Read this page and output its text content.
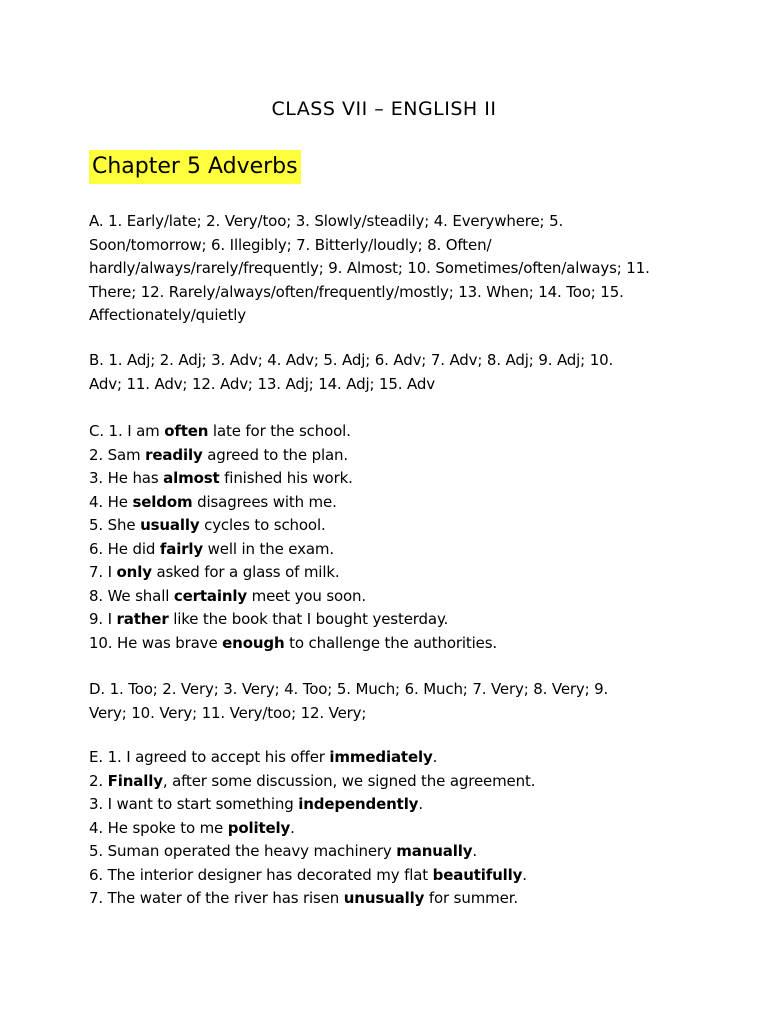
CLASS VII – ENGLISH II
Chapter 5 Adverbs
A. 1. Early/late; 2. Very/too; 3. Slowly/steadily; 4. Everywhere; 5.
Soon/tomorrow; 6. Illegibly; 7. Bitterly/loudly; 8. Often/
hardly/always/rarely/frequently; 9. Almost; 10. Sometimes/often/always; 11.
There; 12. Rarely/always/often/frequently/mostly; 13. When; 14. Too; 15.
Affectionately/quietly
B. 1. Adj; 2. Adj; 3. Adv; 4. Adv; 5. Adj; 6. Adv; 7. Adv; 8. Adj; 9. Adj; 10.
Adv; 11. Adv; 12. Adv; 13. Adj; 14. Adj; 15. Adv
C. 1. I am often late for the school.
2. Sam readily agreed to the plan.
3. He has almost finished his work.
4. He seldom disagrees with me.
5. She usually cycles to school.
6. He did fairly well in the exam.
7. I only asked for a glass of milk.
8. We shall certainly meet you soon.
9. I rather like the book that I bought yesterday.
10. He was brave enough to challenge the authorities.
D. 1. Too; 2. Very; 3. Very; 4. Too; 5. Much; 6. Much; 7. Very; 8. Very; 9.
Very; 10. Very; 11. Very/too; 12. Very;
E. 1. I agreed to accept his offer immediately.
2. Finally, after some discussion, we signed the agreement.
3. I want to start something independently.
4. He spoke to me politely.
5. Suman operated the heavy machinery manually.
6. The interior designer has decorated my flat beautifully.
7. The water of the river has risen unusually for summer.
